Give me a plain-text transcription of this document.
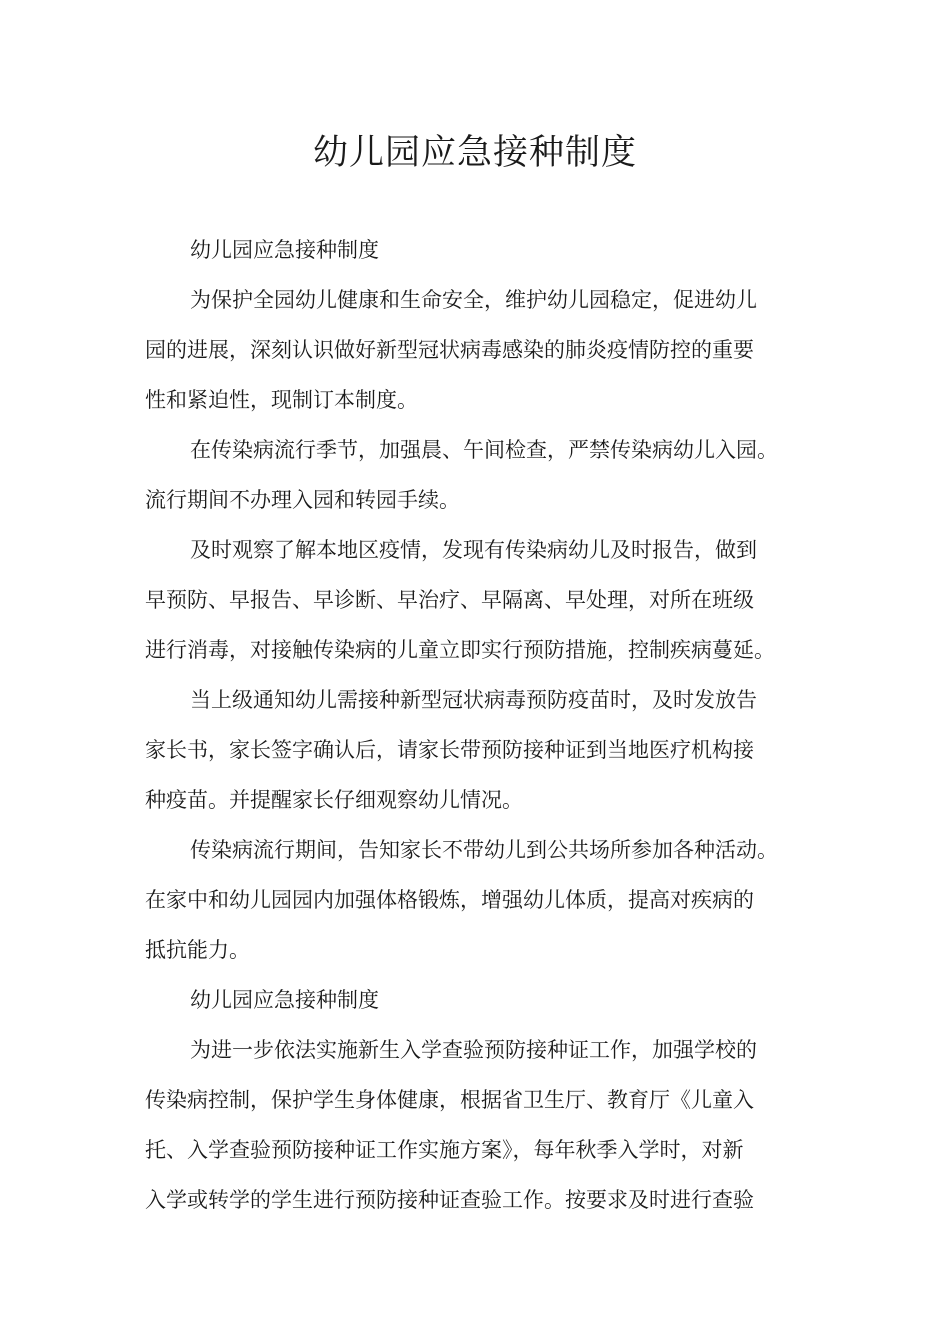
幼儿园应急接种制度
幼儿园应急接种制度
为保护全园幼儿健康和生命安全，维护幼儿园稳定，促进幼儿
园的进展，深刻认识做好新型冠状病毒感染的肺炎疫情防控的重要
性和紧迫性，现制订本制度。
在传染病流行季节，加强晨、午间检查，严禁传染病幼儿入园。
流行期间不办理入园和转园手续。
及时观察了解本地区疫情，发现有传染病幼儿及时报告，做到
早预防、早报告、早诊断、早治疗、早隔离、早处理，对所在班级
进行消毒，对接触传染病的儿童立即实行预防措施，控制疾病蔓延。
当上级通知幼儿需接种新型冠状病毒预防疫苗时，及时发放告
家长书，家长签字确认后，请家长带预防接种证到当地医疗机构接
种疫苗。并提醒家长仔细观察幼儿情况。
传染病流行期间，告知家长不带幼儿到公共场所参加各种活动。
在家中和幼儿园园内加强体格锻炼，增强幼儿体质，提高对疾病的
抵抗能力。
幼儿园应急接种制度
为进一步依法实施新生入学查验预防接种证工作，加强学校的
传染病控制，保护学生身体健康，根据省卫生厅、教育厅《儿童入
托、入学查验预防接种证工作实施方案》，每年秋季入学时，对新
入学或转学的学生进行预防接种证查验工作。按要求及时进行查验
